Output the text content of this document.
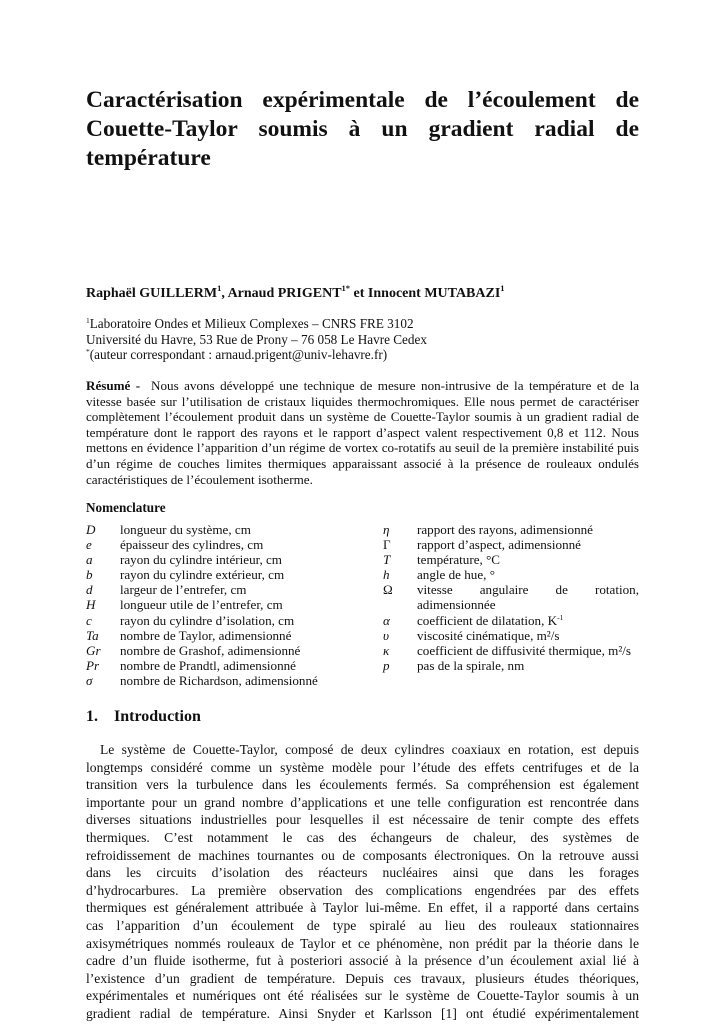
Caractérisation expérimentale de l’écoulement de
Couette-Taylor soumis à un gradient radial de
température
Raphaël GUILLERM$^1$, Arnaud $PRIGENT^{1*}$ et Innocent MUTABAZI$^1$
$^1$Laboratoire Ondes et Milieux Complexes – CNRS FRE 3102
Université du Havre, 53 Rue de Prony – 76 058 Le Havre Cedex
*(auteur correspondant : arnaud.prigent@univ-lehavre.fr)
Résumé - Nous avons développé une technique de mesure non-intrusive de la température et de la vitesse basée sur l’utilisation de cristaux liquides thermochromiques. Elle nous permet de caractériser complètement l’écoulement produit dans un système de Couette-Taylor soumis à un gradient radial de température dont le rapport des rayons et le rapport d’aspect valent respectivement 0,8 et 112. Nous mettons en évidence l’apparition d’un régime de vortex co-rotatifs au seuil de la première instabilité puis d’un régime de couches limites thermiques apparaissant associé à la présence de rouleaux ondulés caractéristiques de l’écoulement isotherme.
Nomenclature
D	longueur du système, cm
e	épaisseur des cylindres, cm
a	rayon du cylindre intérieur, cm
b	rayon du cylindre extérieur, cm
d	largeur de l’entrefer, cm
H	longueur utile de l’entrefer, cm
c	rayon du cylindre d’isolation, cm
Ta	nombre de Taylor, adimensionné
Gr	nombre de Grashof, adimensionné
Pr	nombre de Prandtl, adimensionné
σ	nombre de Richardson, adimensionné
η	rapport des rayons, adimensionné
Γ	rapport d’aspect, adimensionné
T	température, °C
h	angle de hue, °
Ω	vitesse angulaire de rotation,
adimensionnée
α	coefficient de dilatation, $K^{-1}$
υ	viscosité cinématique, m²/s
κ	coefficient de diffusivité thermique, m²/s
p	pas de la spirale, nm
1. Introduction
Le système de Couette-Taylor, composé de deux cylindres coaxiaux en rotation, est depuis
longtemps considéré comme un système modèle pour l’étude des effets centrifuges et de la
transition vers la turbulence dans les écoulements fermés. Sa compréhension est également
importante pour un grand nombre d’applications et une telle configuration est rencontrée dans
diverses situations industrielles pour lesquelles il est nécessaire de tenir compte des effets
thermiques. C’est notamment le cas des échangeurs de chaleur, des systèmes de
refroidissement de machines tournantes ou de composants électroniques. On la retrouve aussi
dans les circuits d’isolation des réacteurs nucléaires ainsi que dans les forages
d’hydrocarbures. La première observation des complications engendrées par des effets
thermiques est généralement attribuée à Taylor lui-même. En effet, il a rapporté dans certains
cas l’apparition d’un écoulement de type spiralé au lieu des rouleaux stationnaires
axisymétriques nommés rouleaux de Taylor et ce phénomène, non prédit par la théorie dans le
cadre d’un fluide isotherme, fut à posteriori associé à la présence d’un écoulement axial lié à
l’existence d’un gradient de température. Depuis ces travaux, plusieurs études théoriques,
expérimentales et numériques ont été réalisées sur le système de Couette-Taylor soumis à un
gradient radial de température. Ainsi Snyder et Karlsson [1] ont étudié expérimentalement
